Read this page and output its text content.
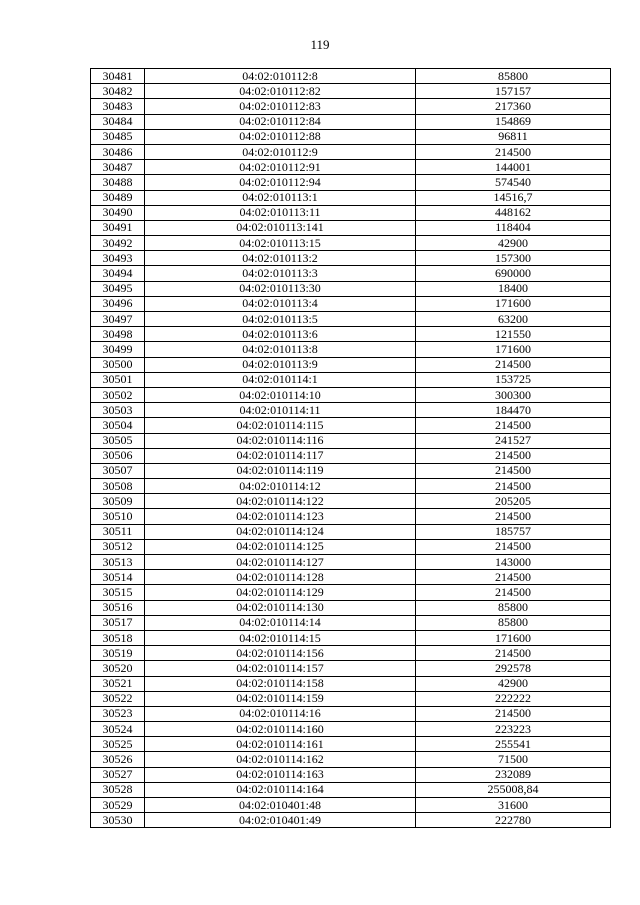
119
30481	04:02:010112:8	85800
30482	04:02:010112:82	157157
30483	04:02:010112:83	217360
30484	04:02:010112:84	154869
30485	04:02:010112:88	96811
30486	04:02:010112:9	214500
30487	04:02:010112:91	144001
30488	04:02:010112:94	574540
30489	04:02:010113:1	14516,7
30490	04:02:010113:11	448162
30491	04:02:010113:141	118404
30492	04:02:010113:15	42900
30493	04:02:010113:2	157300
30494	04:02:010113:3	690000
30495	04:02:010113:30	18400
30496	04:02:010113:4	171600
30497	04:02:010113:5	63200
30498	04:02:010113:6	121550
30499	04:02:010113:8	171600
30500	04:02:010113:9	214500
30501	04:02:010114:1	153725
30502	04:02:010114:10	300300
30503	04:02:010114:11	184470
30504	04:02:010114:115	214500
30505	04:02:010114:116	241527
30506	04:02:010114:117	214500
30507	04:02:010114:119	214500
30508	04:02:010114:12	214500
30509	04:02:010114:122	205205
30510	04:02:010114:123	214500
30511	04:02:010114:124	185757
30512	04:02:010114:125	214500
30513	04:02:010114:127	143000
30514	04:02:010114:128	214500
30515	04:02:010114:129	214500
30516	04:02:010114:130	85800
30517	04:02:010114:14	85800
30518	04:02:010114:15	171600
30519	04:02:010114:156	214500
30520	04:02:010114:157	292578
30521	04:02:010114:158	42900
30522	04:02:010114:159	222222
30523	04:02:010114:16	214500
30524	04:02:010114:160	223223
30525	04:02:010114:161	255541
30526	04:02:010114:162	71500
30527	04:02:010114:163	232089
30528	04:02:010114:164	255008,84
30529	04:02:010401:48	31600
30530	04:02:010401:49	222780
